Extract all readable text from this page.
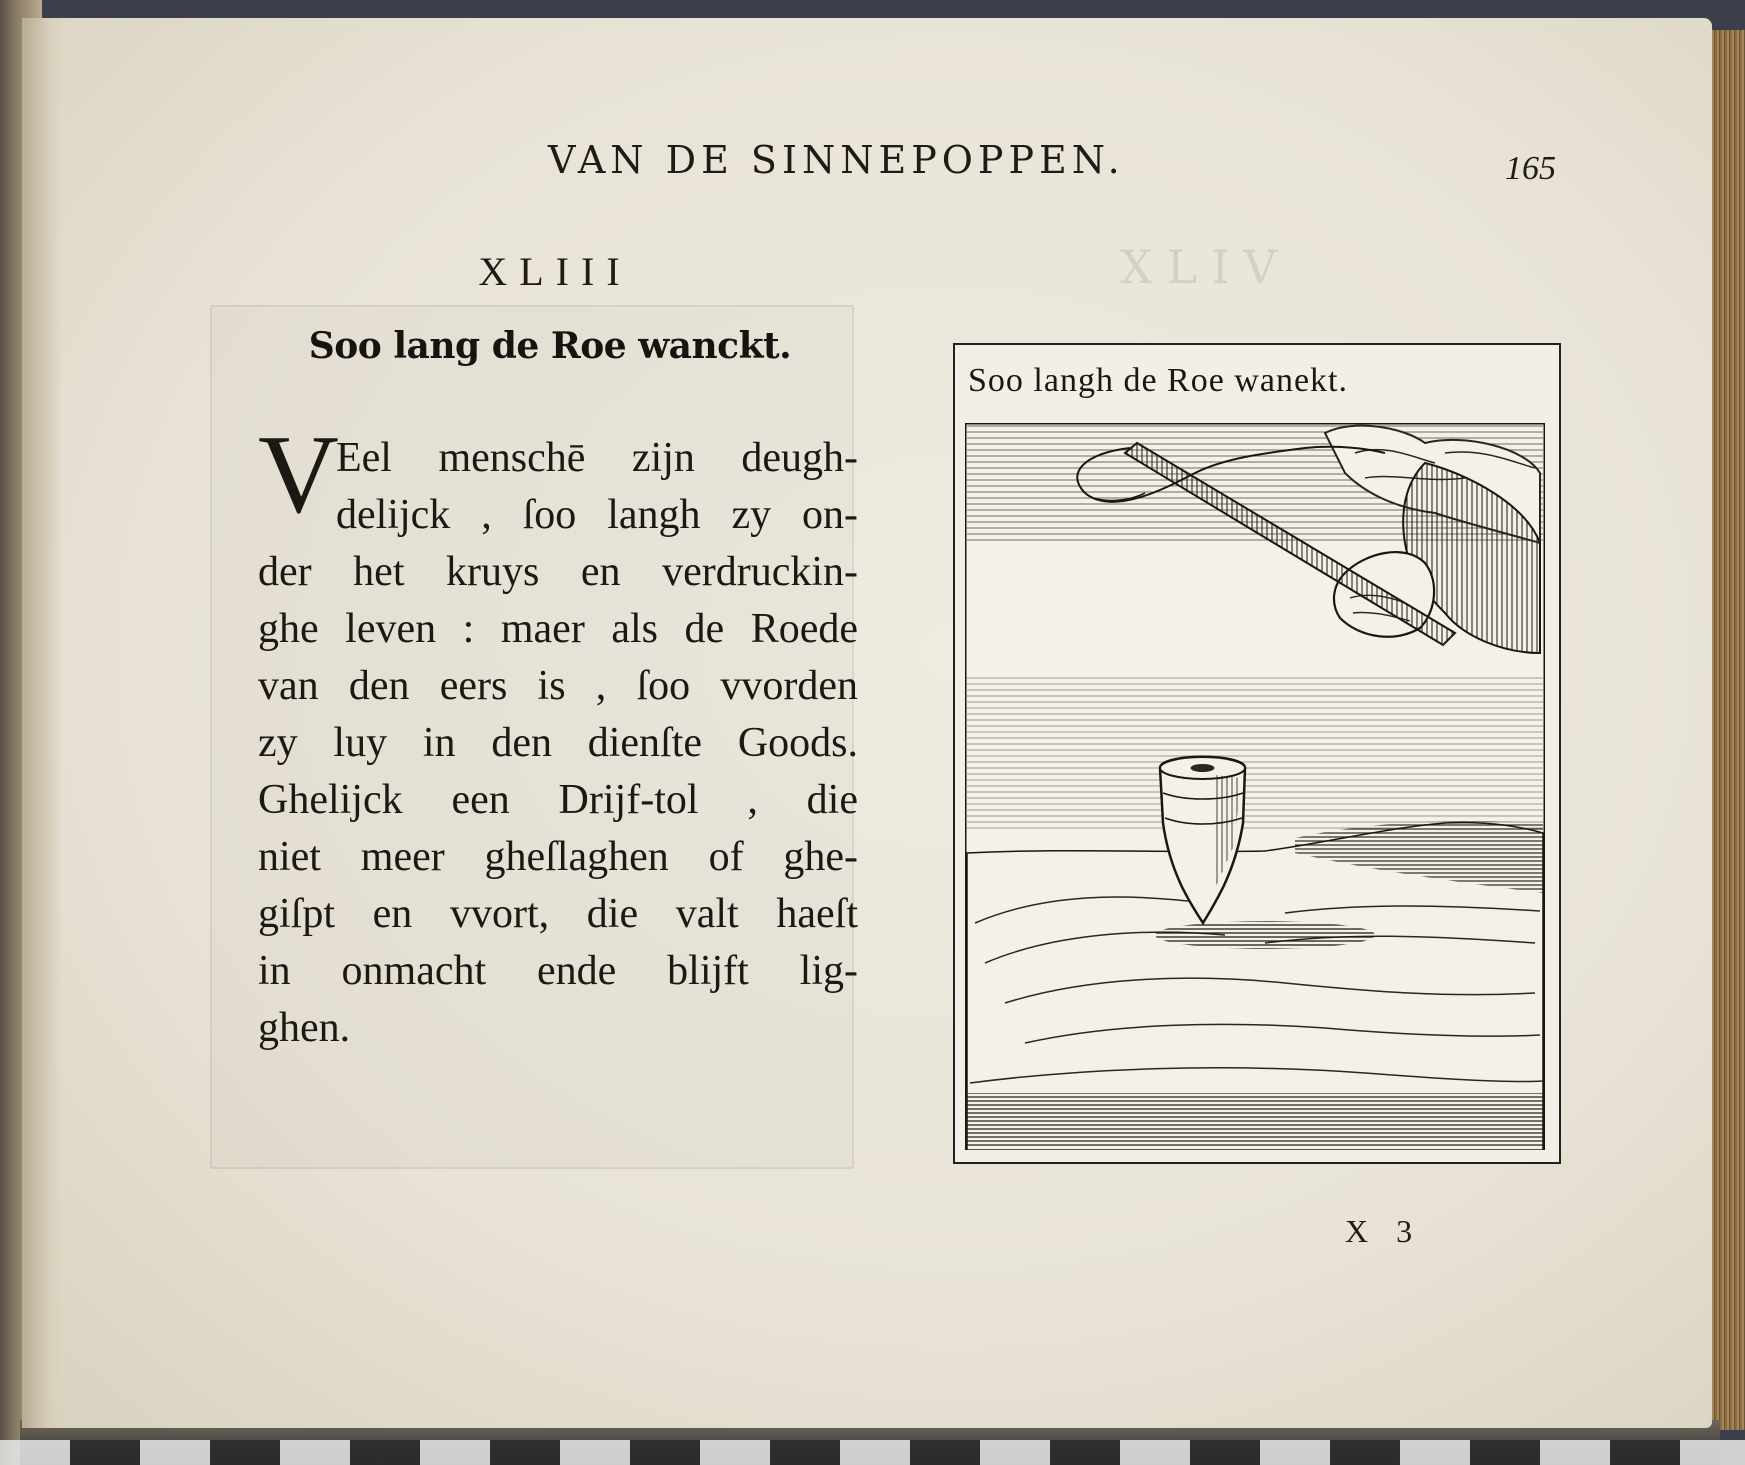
XLIV
VAN DE SINNEPOPPEN.	165
XLIII
Soo lang de Roe wanckt.
V
Eel menschē zijn deugh-
delijck , ſoo langh zy on-
der het kruys en verdruckin-
ghe leven : maer als de Roede
van den eers is , ſoo vvorden
zy luy in den dienſte Goods.
Ghelijck een Drijf-tol , die
niet meer gheſlaghen of ghe-
giſpt en vvort, die valt haeſt
in onmacht ende blijft lig-
ghen.
Soo langh de Roe wanekt.
X 3
